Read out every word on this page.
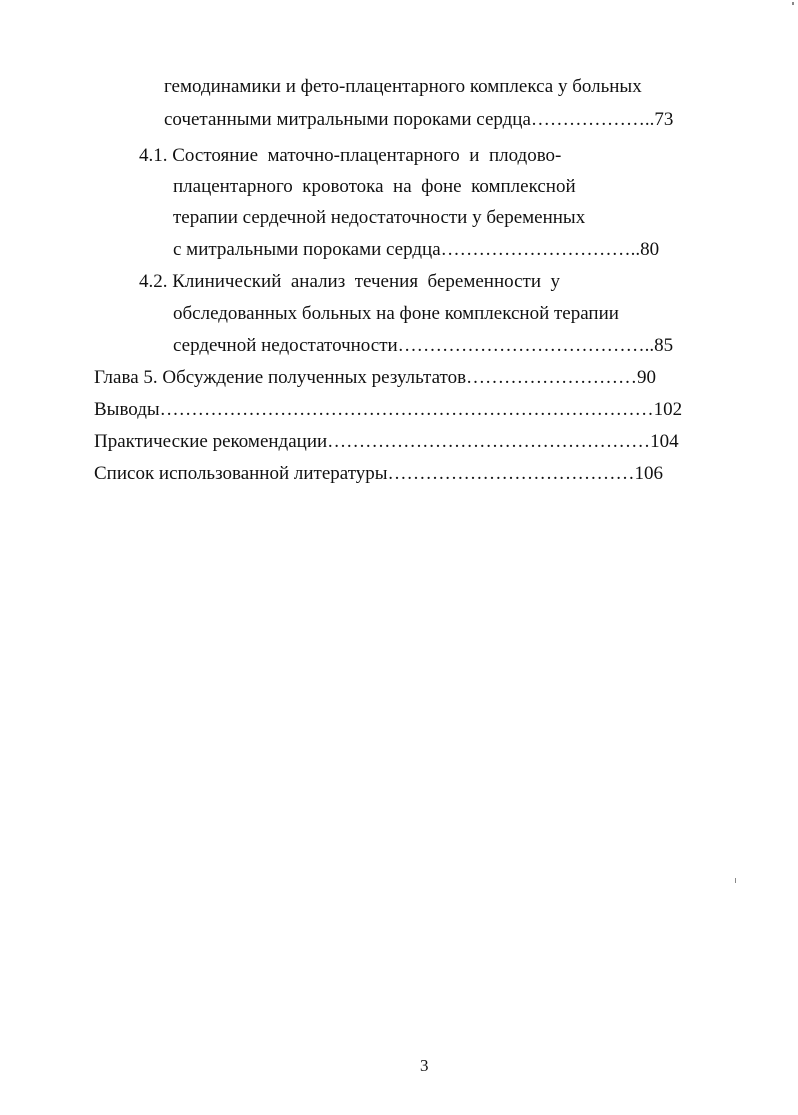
гемодинамики и фето-плацентарного комплекса у больных
сочетанными митральными пороками сердца………………..73
4.1. Состояние  маточно-плацентарного  и  плодово-
плацентарного  кровотока  на  фоне  комплексной
терапии сердечной недостаточности у беременных
с митральными пороками сердца…………………………..80
4.2. Клинический  анализ  течения  беременности  у
обследованных больных на фоне комплексной терапии
сердечной недостаточности…………………………………..85
Глава 5. Обсуждение полученных результатов………………………90
Выводы……………………………………………………………………102
Практические рекомендации……………………………………………104
Список использованной литературы…………………………………106
3
